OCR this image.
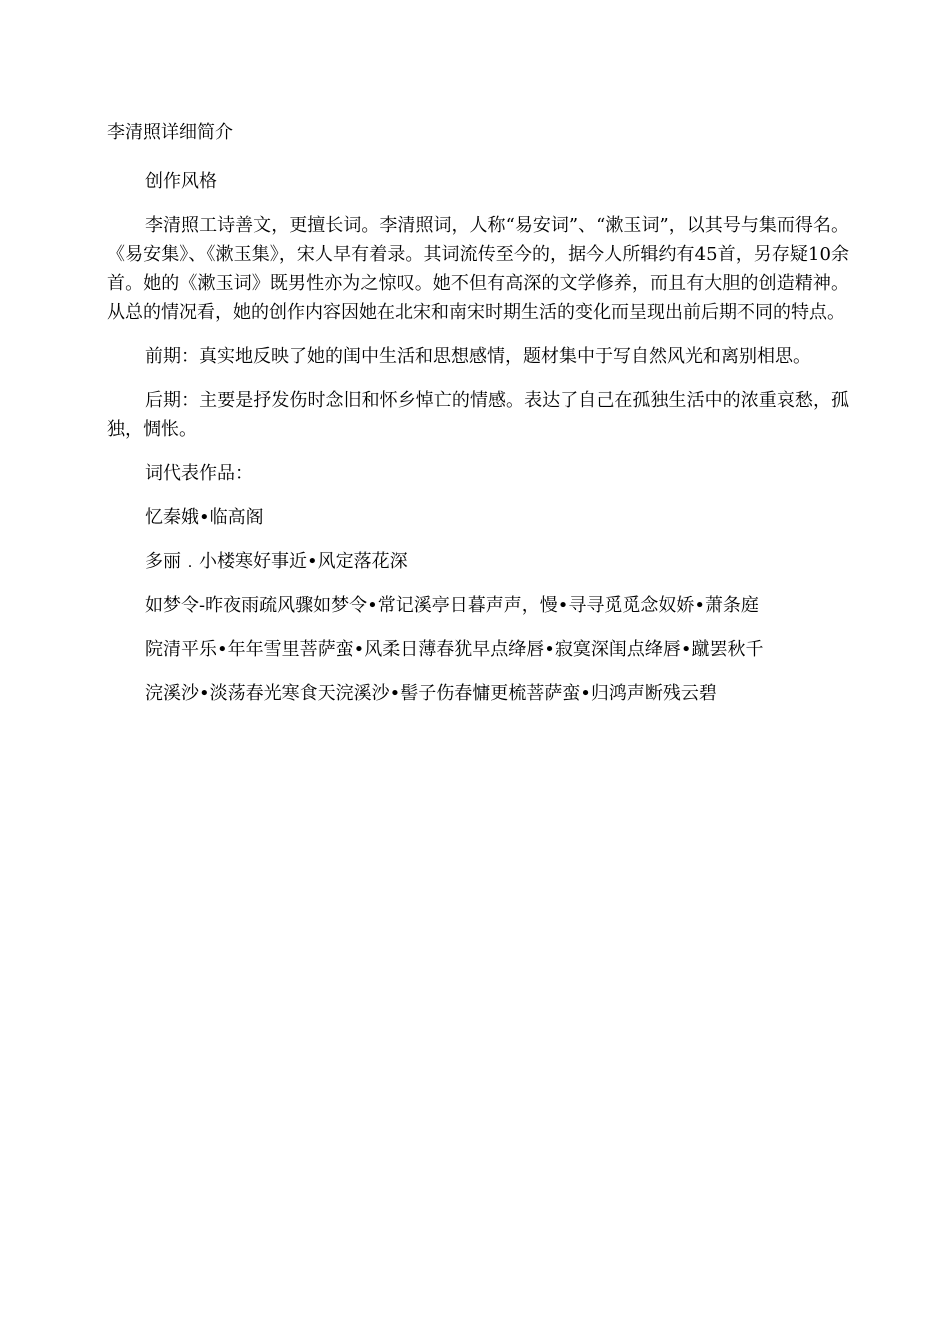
李清照详细简介
创作风格

李清照工诗善文，更擅长词。李清照词，人称“易安词”、“漱玉词”，以其号与集而得名。《易安集》、《漱玉集》，宋人早有着录。其词流传至今的，据今人所辑约有45首，另存疑10余首。她的《漱玉词》既男性亦为之惊叹。她不但有高深的文学修养，而且有大胆的创造精神。从总的情况看，她的创作内容因她在北宋和南宋时期生活的变化而呈现出前后期不同的特点。

前期：真实地反映了她的闺中生活和思想感情，题材集中于写自然风光和离别相思。

后期：主要是抒发伤时念旧和怀乡悼亡的情感。表达了自己在孤独生活中的浓重哀愁，孤独，惆怅。

词代表作品：
忆秦娥•临高阁
多丽﹒小楼寒好事近•风定落花深
如梦令-昨夜雨疏风骤如梦令•常记溪亭日暮声声，慢•寻寻觅觅念奴娇•萧条庭
院清平乐•年年雪里菩萨蛮•风柔日薄春犹早点绛唇•寂寞深闺点绛唇•蹴罢秋千
浣溪沙•淡荡春光寒食天浣溪沙•髻子伤春慵更梳菩萨蛮•归鸿声断残云碧
